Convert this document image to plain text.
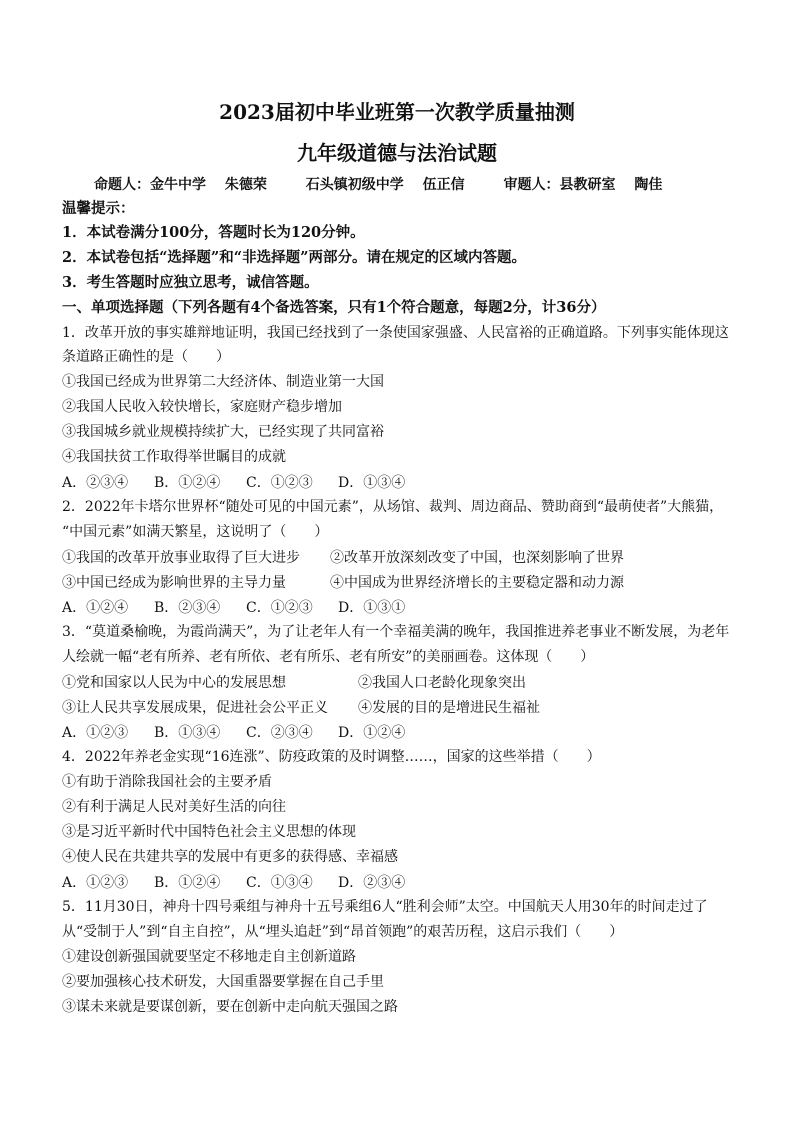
2023届初中毕业班第一次教学质量抽测
九年级道德与法治试题
命题人：金牛中学 朱德荣	石头镇初级中学 伍正信	审题人：县教研室 陶佳
温馨提示：
1．本试卷满分100分，答题时长为120分钟。
2．本试卷包括“选择题”和“非选择题”两部分。请在规定的区域内答题。
3．考生答题时应独立思考，诚信答题。
一、单项选择题（下列各题有4个备选答案，只有1个符合题意，每题2分，计36分）
1．改革开放的事实雄辩地证明，我国已经找到了一条使国家强盛、人民富裕的正确道路。下列事实能体现这
条道路正确性的是（　　）
①我国已经成为世界第二大经济体、制造业第一大国
②我国人民收入较快增长，家庭财产稳步增加
③我国城乡就业规模持续扩大，已经实现了共同富裕
④我国扶贫工作取得举世瞩目的成就
A．②③④ B．①②④ C．①②③ D．①③④
2．2022年卡塔尔世界杯“随处可见的中国元素”，从场馆、裁判、周边商品、赞助商到“最萌使者”大熊猫，
“中国元素”如满天繁星，这说明了（　　）
①我国的改革开放事业取得了巨大进步 ②改革开放深刻改变了中国，也深刻影响了世界
③中国已经成为影响世界的主导力量	④中国成为世界经济增长的主要稳定器和动力源
A．①②④ B．②③④ C．①②③ D．①③①
3．“莫道桑榆晚，为霞尚满天”，为了让老年人有一个幸福美满的晚年，我国推进养老事业不断发展，为老年
人绘就一幅“老有所养、老有所依、老有所乐、老有所安”的美丽画卷。这体现（　　）
①党和国家以人民为中心的发展思想	②我国人口老龄化现象突出
③让人民共享发展成果，促进社会公平正义 ④发展的目的是增进民生福祉
A．①②③ B．①③④ C．②③④ D．①②④
4．2022年养老金实现“16连涨”、防疫政策的及时调整……，国家的这些举措（　　）
①有助于消除我国社会的主要矛盾
②有利于满足人民对美好生活的向往
③是习近平新时代中国特色社会主义思想的体现
④使人民在共建共享的发展中有更多的获得感、幸福感
A．①②③ B．①②④ C．①③④ D．②③④
5．11月30日，神舟十四号乘组与神舟十五号乘组6人“胜利会师”太空。中国航天人用30年的时间走过了
从“受制于人”到“自主自控”，从“埋头追赶”到“昂首领跑”的艰苦历程，这启示我们（　　）
①建设创新强国就要坚定不移地走自主创新道路
②要加强核心技术研发，大国重器要掌握在自己手里
③谋未来就是要谋创新，要在创新中走向航天强国之路
